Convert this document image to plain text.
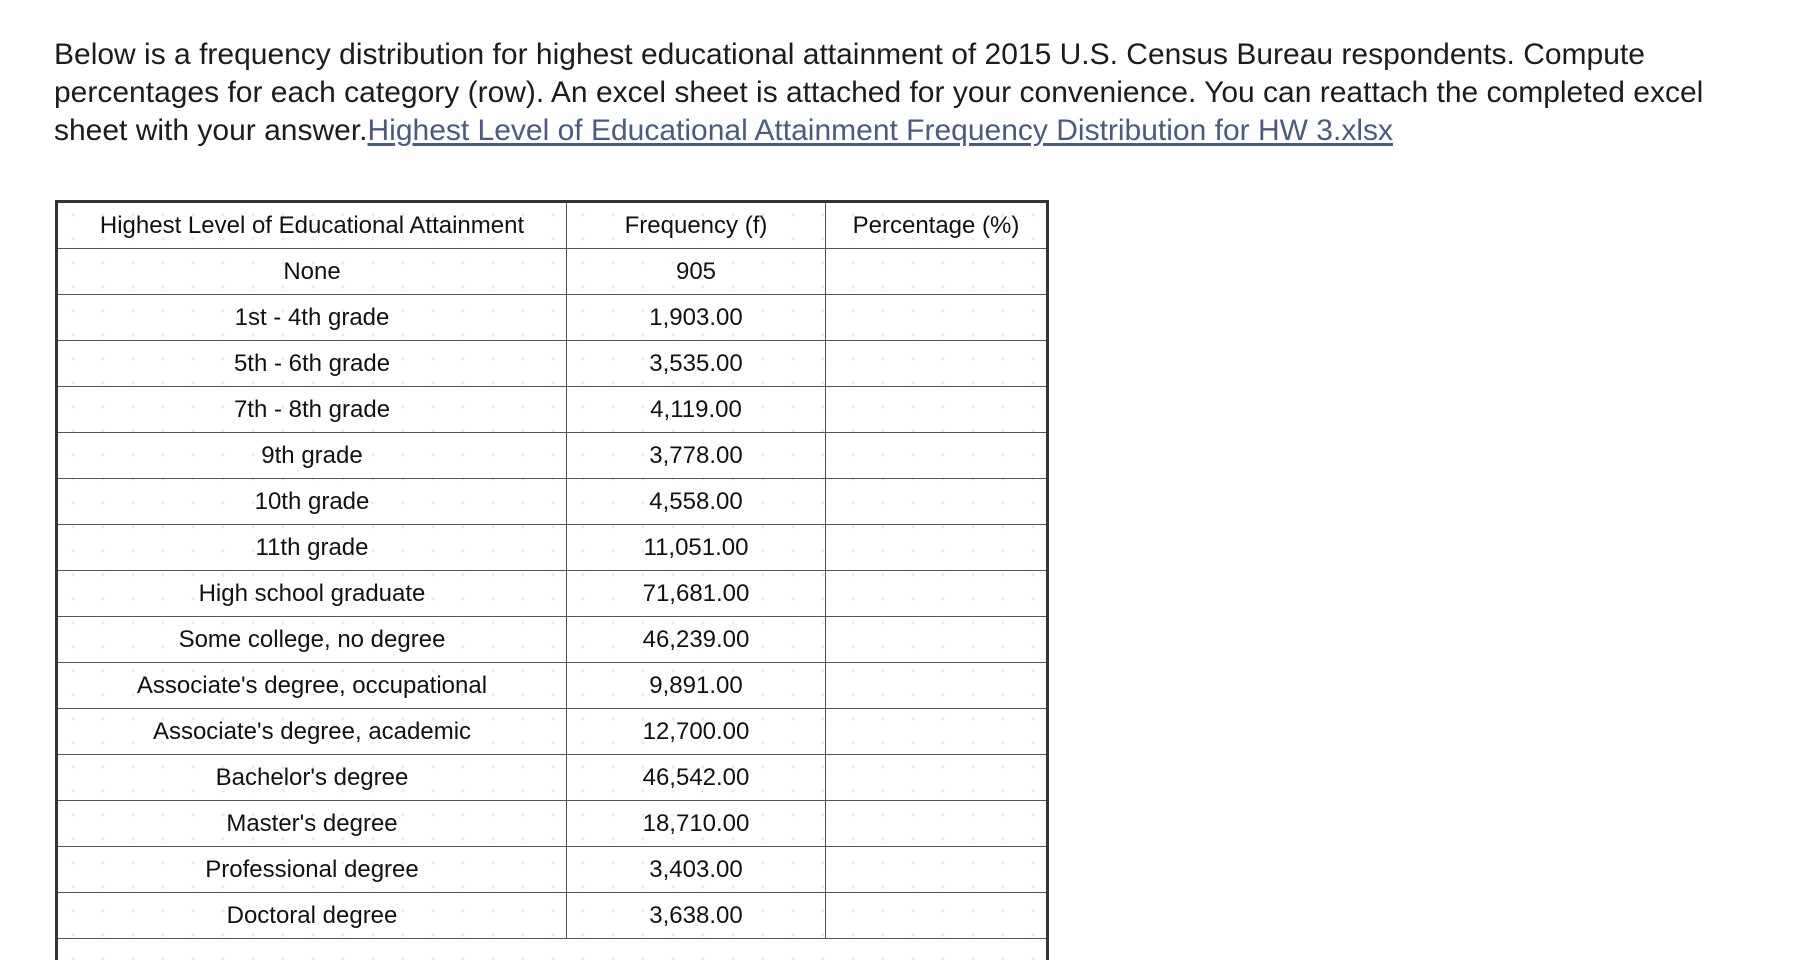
Below is a frequency distribution for highest educational attainment of 2015 U.S. Census Bureau respondents. Compute percentages for each category (row). An excel sheet is attached for your convenience. You can reattach the completed excel sheet with your answer.Highest Level of Educational Attainment Frequency Distribution for HW 3.xlsx

Highest Level of Educational Attainment	Frequency (f)	Percentage (%)
None	905	
1st - 4th grade	1,903.00	
5th - 6th grade	3,535.00	
7th - 8th grade	4,119.00	
9th grade	3,778.00	
10th grade	4,558.00	
11th grade	11,051.00	
High school graduate	71,681.00	
Some college, no degree	46,239.00	
Associate's degree, occupational	9,891.00	
Associate's degree, academic	12,700.00	
Bachelor's degree	46,542.00	
Master's degree	18,710.00	
Professional degree	3,403.00	
Doctoral degree	3,638.00	
